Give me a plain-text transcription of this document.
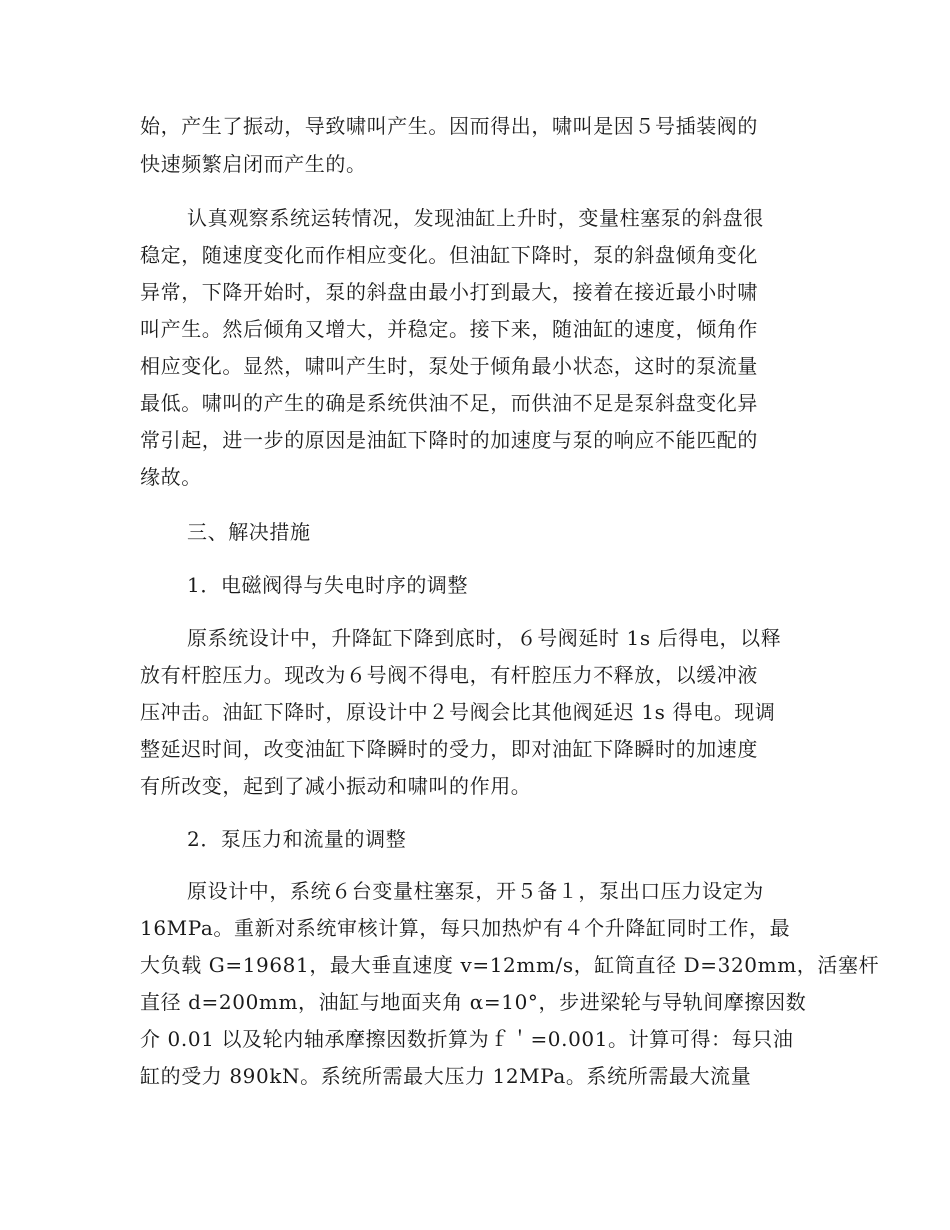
始，产生了振动，导致啸叫产生。因而得出，啸叫是因５号插装阀的
快速频繁启闭而产生的。
认真观察系统运转情况，发现油缸上升时，变量柱塞泵的斜盘很
稳定，随速度变化而作相应变化。但油缸下降时，泵的斜盘倾角变化
异常，下降开始时，泵的斜盘由最小打到最大，接着在接近最小时啸
叫产生。然后倾角又增大，并稳定。接下来，随油缸的速度，倾角作
相应变化。显然，啸叫产生时，泵处于倾角最小状态，这时的泵流量
最低。啸叫的产生的确是系统供油不足，而供油不足是泵斜盘变化异
常引起，进一步的原因是油缸下降时的加速度与泵的响应不能匹配的
缘故。
三、解决措施
1．电磁阀得与失电时序的调整
原系统设计中，升降缸下降到底时，６号阀延时 1s 后得电，以释
放有杆腔压力。现改为６号阀不得电，有杆腔压力不释放，以缓冲液
压冲击。油缸下降时，原设计中２号阀会比其他阀延迟 1s 得电。现调
整延迟时间，改变油缸下降瞬时的受力，即对油缸下降瞬时的加速度
有所改变，起到了减小振动和啸叫的作用。
2．泵压力和流量的调整
原设计中，系统６台变量柱塞泵，开５备１，泵出口压力设定为
16MPa。重新对系统审核计算，每只加热炉有４个升降缸同时工作，最
大负载 G=19681，最大垂直速度 v=12mm/s，缸筒直径 D=320mm，活塞杆
直径 d=200mm，油缸与地面夹角 α=10°，步进梁轮与导轨间摩擦因数
介 0.01 以及轮内轴承摩擦因数折算为ｆ＇=0.001。计算可得：每只油
缸的受力 890kN。系统所需最大压力 12MPa。系统所需最大流量
